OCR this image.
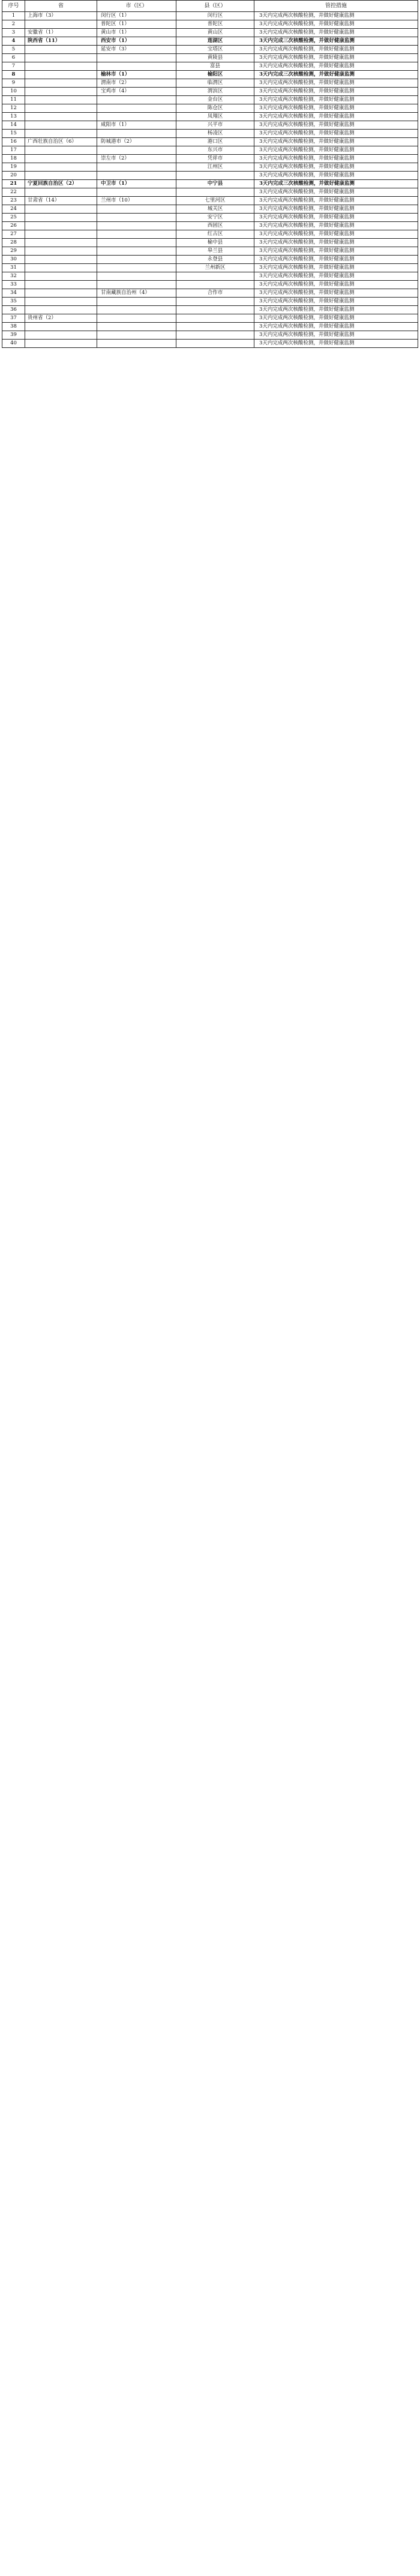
序号	省	市（区）	县（区）	管控措施
1	上海市（3）	闵行区（1）	闵行区	3天内完成两次核酸检测，并做好健康监测
2		普陀区（1）	普陀区	3天内完成两次核酸检测，并做好健康监测
3	安徽省（1）	黄山市（1）	黄山区	3天内完成两次核酸检测，并做好健康监测
4	陕西省（11）	西安市（1）	莲湖区	3天内完成三次核酸检测，并做好健康监测
5		延安市（3）	宝塔区	3天内完成两次核酸检测，并做好健康监测
6			黄陵县	3天内完成两次核酸检测，并做好健康监测
7			富县	3天内完成两次核酸检测，并做好健康监测
8		榆林市（1）	榆阳区	3天内完成三次核酸检测，并做好健康监测
9		渭南市（2）	临渭区	3天内完成两次核酸检测，并做好健康监测
10		宝鸡市（4）	渭滨区	3天内完成两次核酸检测，并做好健康监测
11			金台区	3天内完成两次核酸检测，并做好健康监测
12			陈仓区	3天内完成两次核酸检测，并做好健康监测
13			凤翔区	3天内完成两次核酸检测，并做好健康监测
14		咸阳市（1）	兴平市	3天内完成两次核酸检测，并做好健康监测
15			杨凌区	3天内完成两次核酸检测，并做好健康监测
16	广西壮族自治区（6）	防城港市（2）	港口区	3天内完成两次核酸检测，并做好健康监测
17			东兴市	3天内完成两次核酸检测，并做好健康监测
18		崇左市（2）	凭祥市	3天内完成两次核酸检测，并做好健康监测
19			江州区	3天内完成两次核酸检测，并做好健康监测
20				3天内完成两次核酸检测，并做好健康监测
21	宁夏回族自治区（2）	中卫市（1）	中宁县	3天内完成三次核酸检测，并做好健康监测
22				3天内完成两次核酸检测，并做好健康监测
23	甘肃省（14）	兰州市（10）	七里河区	3天内完成两次核酸检测，并做好健康监测
24			城关区	3天内完成两次核酸检测，并做好健康监测
25			安宁区	3天内完成两次核酸检测，并做好健康监测
26			西固区	3天内完成两次核酸检测，并做好健康监测
27			红古区	3天内完成两次核酸检测，并做好健康监测
28			榆中县	3天内完成两次核酸检测，并做好健康监测
29			皋兰县	3天内完成两次核酸检测，并做好健康监测
30			永登县	3天内完成两次核酸检测，并做好健康监测
31			兰州新区	3天内完成两次核酸检测，并做好健康监测
32				3天内完成两次核酸检测，并做好健康监测
33				3天内完成两次核酸检测，并做好健康监测
34		甘南藏族自治州（4）	合作市	3天内完成两次核酸检测，并做好健康监测
35				3天内完成两次核酸检测，并做好健康监测
36				3天内完成两次核酸检测，并做好健康监测
37	贵州省（2）			3天内完成两次核酸检测，并做好健康监测
38				3天内完成两次核酸检测，并做好健康监测
39				3天内完成两次核酸检测，并做好健康监测
40				3天内完成两次核酸检测，并做好健康监测
